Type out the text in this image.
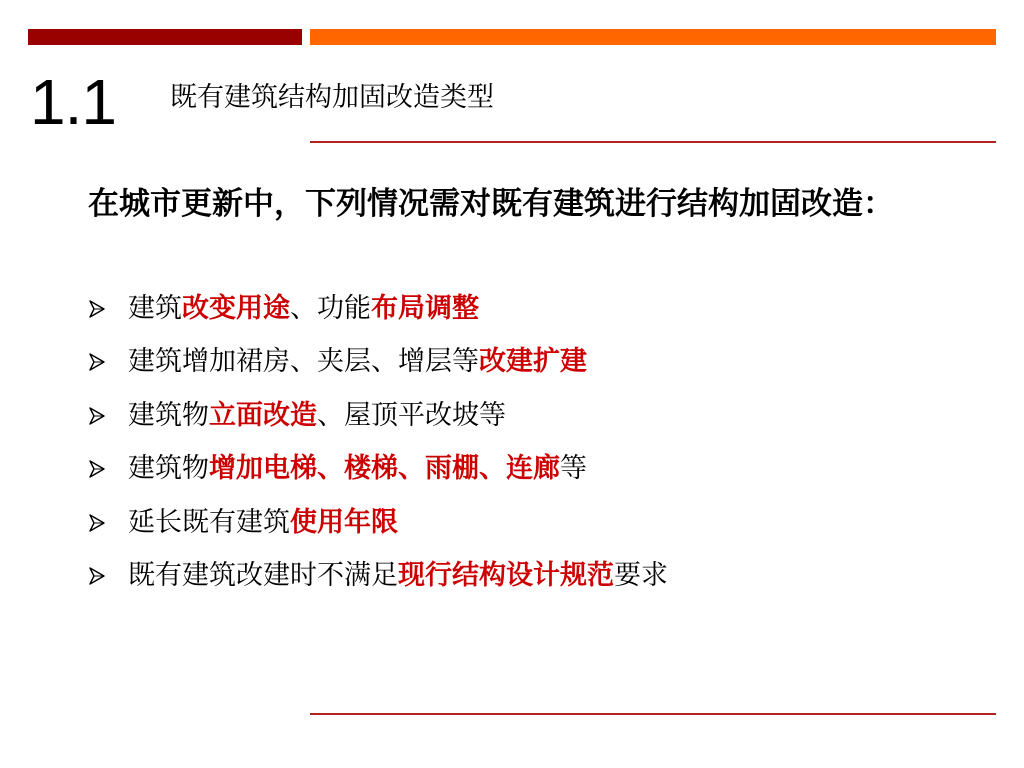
1.1 既有建筑结构加固改造类型
在城市更新中，下列情况需对既有建筑进行结构加固改造：
建筑改变用途、功能布局调整
建筑增加裙房、夹层、增层等改建扩建
建筑物立面改造、屋顶平改坡等
建筑物增加电梯、楼梯、雨棚、连廊等
延长既有建筑使用年限
既有建筑改建时不满足现行结构设计规范要求
